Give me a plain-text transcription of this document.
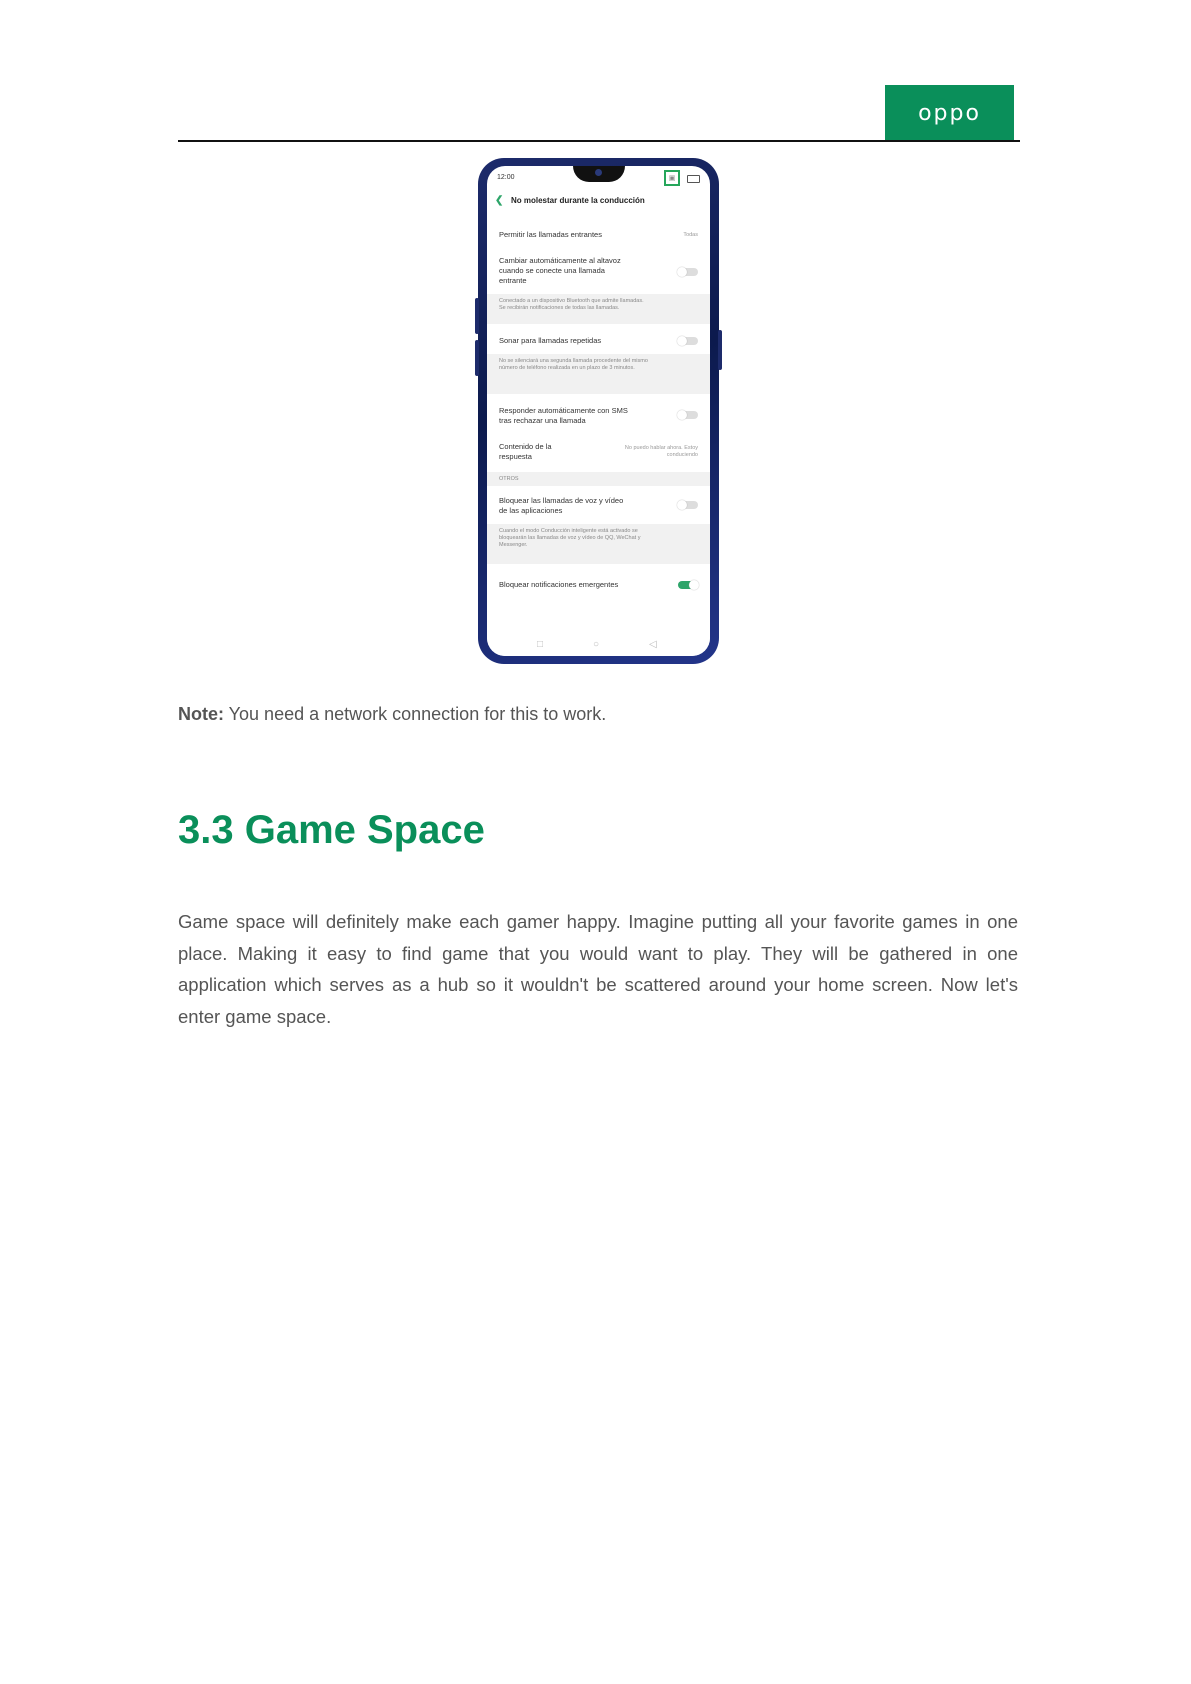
oppo
12:00	▣
❮ No molestar durante la conducción
Permitir las llamadas entrantes	Todas
Cambiar automáticamente al altavoz
cuando se conecte una llamada
entrante
Conectado a un dispositivo Bluetooth que admite llamadas.
Se recibirán notificaciones de todas las llamadas.
Sonar para llamadas repetidas
No se silenciará una segunda llamada procedente del mismo
número de teléfono realizada en un plazo de 3 minutos.
Responder automáticamente con SMS
tras rechazar una llamada
Contenido de la
respuesta
No puedo hablar ahora. Estoy
conduciendo
OTROS
Bloquear las llamadas de voz y vídeo
de las aplicaciones
Cuando el modo Conducción inteligente está activado se
bloquearán las llamadas de voz y vídeo de QQ, WeChat y
Messenger.
Bloquear notificaciones emergentes
□	○	◁

Note: You need a network connection for this to work.

3.3 Game Space

Game space will definitely make each gamer happy. Imagine putting all your favorite games in one place. Making it easy to find game that you would want to play. They will be gathered in one application which serves as a hub so it wouldn't be scattered around your home screen. Now let's enter game space.
